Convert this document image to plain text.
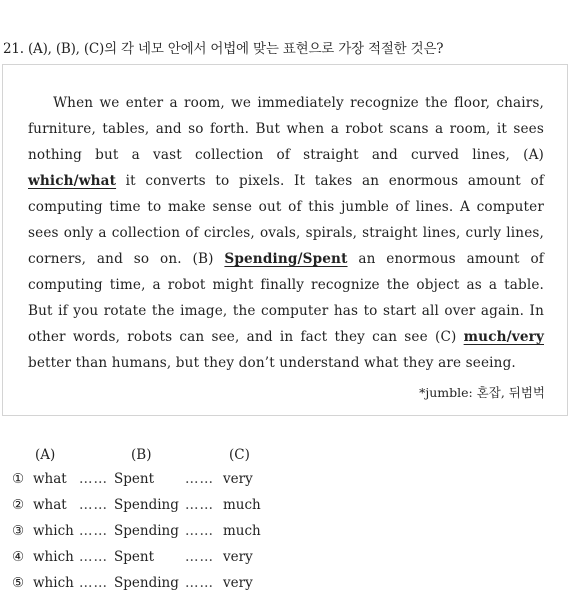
21. (A), (B), (C)의 각 네모 안에서 어법에 맞는 표현으로 가장 적절한 것은?
When we enter a room, we immediately recognize the floor, chairs, furniture, tables, and so forth. But when a robot scans a room, it sees nothing but a vast collection of straight and curved lines, (A) which/what it converts to pixels. It takes an enormous amount of computing time to make sense out of this jumble of lines. A computer sees only a collection of circles, ovals, spirals, straight lines, curly lines, corners, and so on. (B) Spending/Spent an enormous amount of computing time, a robot might finally recognize the object as a table. But if you rotate the image, the computer has to start all over again. In other words, robots can see, and in fact they can see (C) much/very better than humans, but they don’t understand what they are seeing.
*jumble: 혼잡, 뒤범벅
(A)	(B)	(C)
① what …… Spent …… very
② what …… Spending …… much
③ which …… Spending …… much
④ which …… Spent …… very
⑤ which …… Spending …… very
